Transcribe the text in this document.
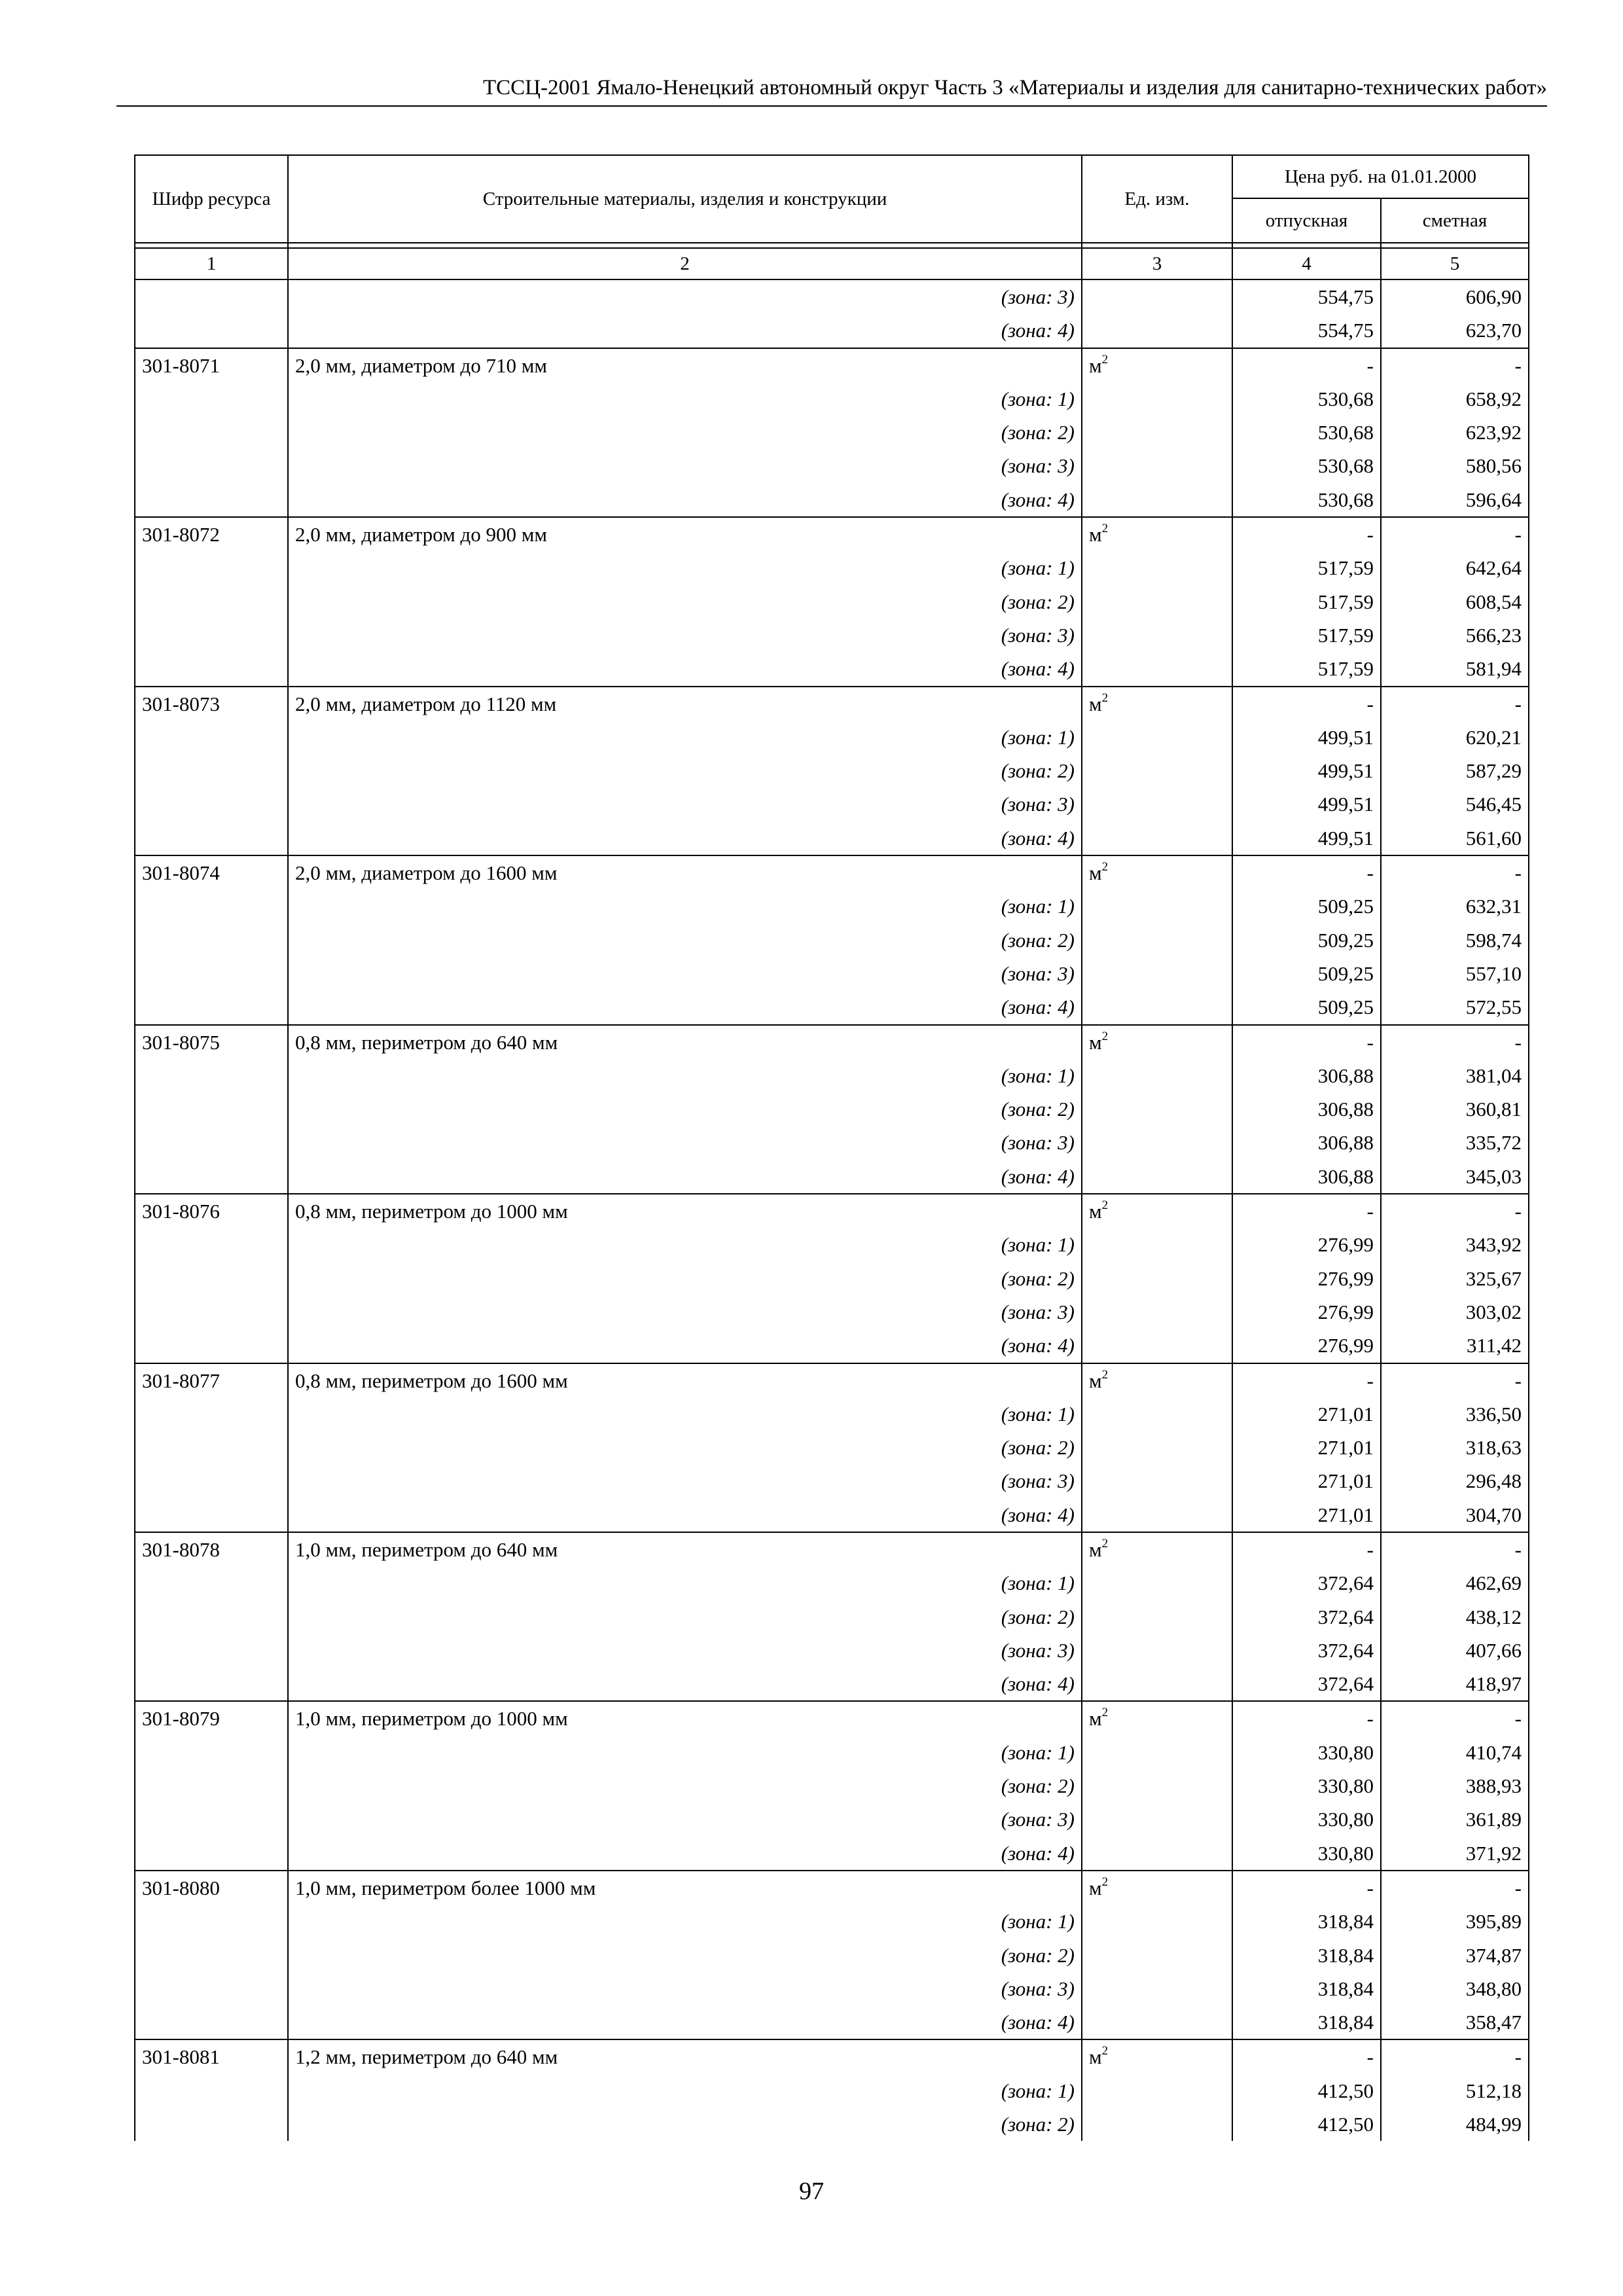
ТССЦ-2001 Ямало-Ненецкий автономный округ Часть 3 «Материалы и изделия для санитарно-технических работ»
Шифр ресурса	Строительные материалы, изделия и конструкции	Ед. изм.	Цена руб. на 01.01.2000	
			отпускная	сметная

1	2	3	4	5
	(зона: 3)		554,75	606,90
	(зона: 4)		554,75	623,70
301-8071	2,0 мм, диаметром до 710 мм	$м^2$	-	-
	(зона: 1)		530,68	658,92
	(зона: 2)		530,68	623,92
	(зона: 3)		530,68	580,56
	(зона: 4)		530,68	596,64
301-8072	2,0 мм, диаметром до 900 мм	$м^2$	-	-
	(зона: 1)		517,59	642,64
	(зона: 2)		517,59	608,54
	(зона: 3)		517,59	566,23
	(зона: 4)		517,59	581,94
301-8073	2,0 мм, диаметром до 1120 мм	$м^2$	-	-
	(зона: 1)		499,51	620,21
	(зона: 2)		499,51	587,29
	(зона: 3)		499,51	546,45
	(зона: 4)		499,51	561,60
301-8074	2,0 мм, диаметром до 1600 мм	$м^2$	-	-
	(зона: 1)		509,25	632,31
	(зона: 2)		509,25	598,74
	(зона: 3)		509,25	557,10
	(зона: 4)		509,25	572,55
301-8075	0,8 мм, периметром до 640 мм	$м^2$	-	-
	(зона: 1)		306,88	381,04
	(зона: 2)		306,88	360,81
	(зона: 3)		306,88	335,72
	(зона: 4)		306,88	345,03
301-8076	0,8 мм, периметром до 1000 мм	$м^2$	-	-
	(зона: 1)		276,99	343,92
	(зона: 2)		276,99	325,67
	(зона: 3)		276,99	303,02
	(зона: 4)		276,99	311,42
301-8077	0,8 мм, периметром до 1600 мм	$м^2$	-	-
	(зона: 1)		271,01	336,50
	(зона: 2)		271,01	318,63
	(зона: 3)		271,01	296,48
	(зона: 4)		271,01	304,70
301-8078	1,0 мм, периметром до 640 мм	$м^2$	-	-
	(зона: 1)		372,64	462,69
	(зона: 2)		372,64	438,12
	(зона: 3)		372,64	407,66
	(зона: 4)		372,64	418,97
301-8079	1,0 мм, периметром до 1000 мм	$м^2$	-	-
	(зона: 1)		330,80	410,74
	(зона: 2)		330,80	388,93
	(зона: 3)		330,80	361,89
	(зона: 4)		330,80	371,92
301-8080	1,0 мм, периметром более 1000 мм	$м^2$	-	-
	(зона: 1)		318,84	395,89
	(зона: 2)		318,84	374,87
	(зона: 3)		318,84	348,80
	(зона: 4)		318,84	358,47
301-8081	1,2 мм, периметром до 640 мм	$м^2$	-	-
	(зона: 1)		412,50	512,18
	(зона: 2)		412,50	484,99
97
